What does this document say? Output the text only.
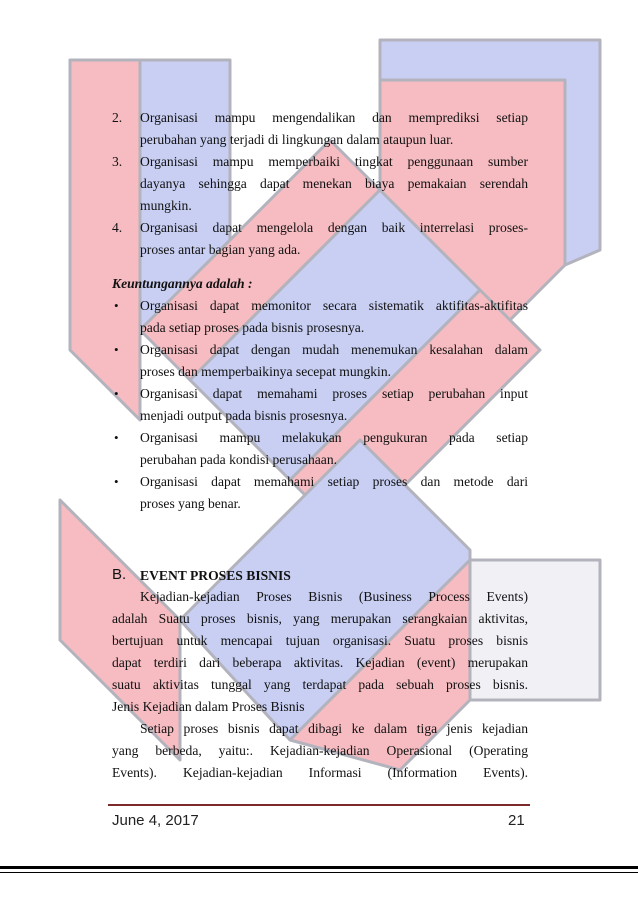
2. Organisasi mampu mengendalikan dan memprediksi setiap
perubahan yang terjadi di lingkungan dalam ataupun luar.
3. Organisasi mampu memperbaiki tingkat penggunaan sumber
dayanya sehingga dapat menekan biaya pemakaian serendah
mungkin.
4. Organisasi dapat mengelola dengan baik interrelasi proses-
proses antar bagian yang ada.
Keuntungannya adalah :
• Organisasi dapat memonitor secara sistematik aktifitas-aktifitas
pada setiap proses pada bisnis prosesnya.
• Organisasi dapat dengan mudah menemukan kesalahan dalam
proses dan memperbaikinya secepat mungkin.
• Organisasi dapat memahami proses setiap perubahan input
menjadi output pada bisnis prosesnya.
• Organisasi mampu melakukan pengukuran pada setiap
perubahan pada kondisi perusahaan.
• Organisasi dapat memahami setiap proses dan metode dari
proses yang benar.
B. EVENT PROSES BISNIS
Kejadian-kejadian Proses Bisnis (Business Process Events)
adalah Suatu proses bisnis, yang merupakan serangkaian aktivitas,
bertujuan untuk mencapai tujuan organisasi. Suatu proses bisnis
dapat terdiri dari beberapa aktivitas. Kejadian (event) merupakan
suatu aktivitas tunggal yang terdapat pada sebuah proses bisnis.
Jenis Kejadian dalam Proses Bisnis
Setiap proses bisnis dapat dibagi ke dalam tiga jenis kejadian
yang berbeda, yaitu:. Kejadian-kejadian Operasional (Operating
Events). Kejadian-kejadian Informasi (Information Events).
June 4, 2017	21
